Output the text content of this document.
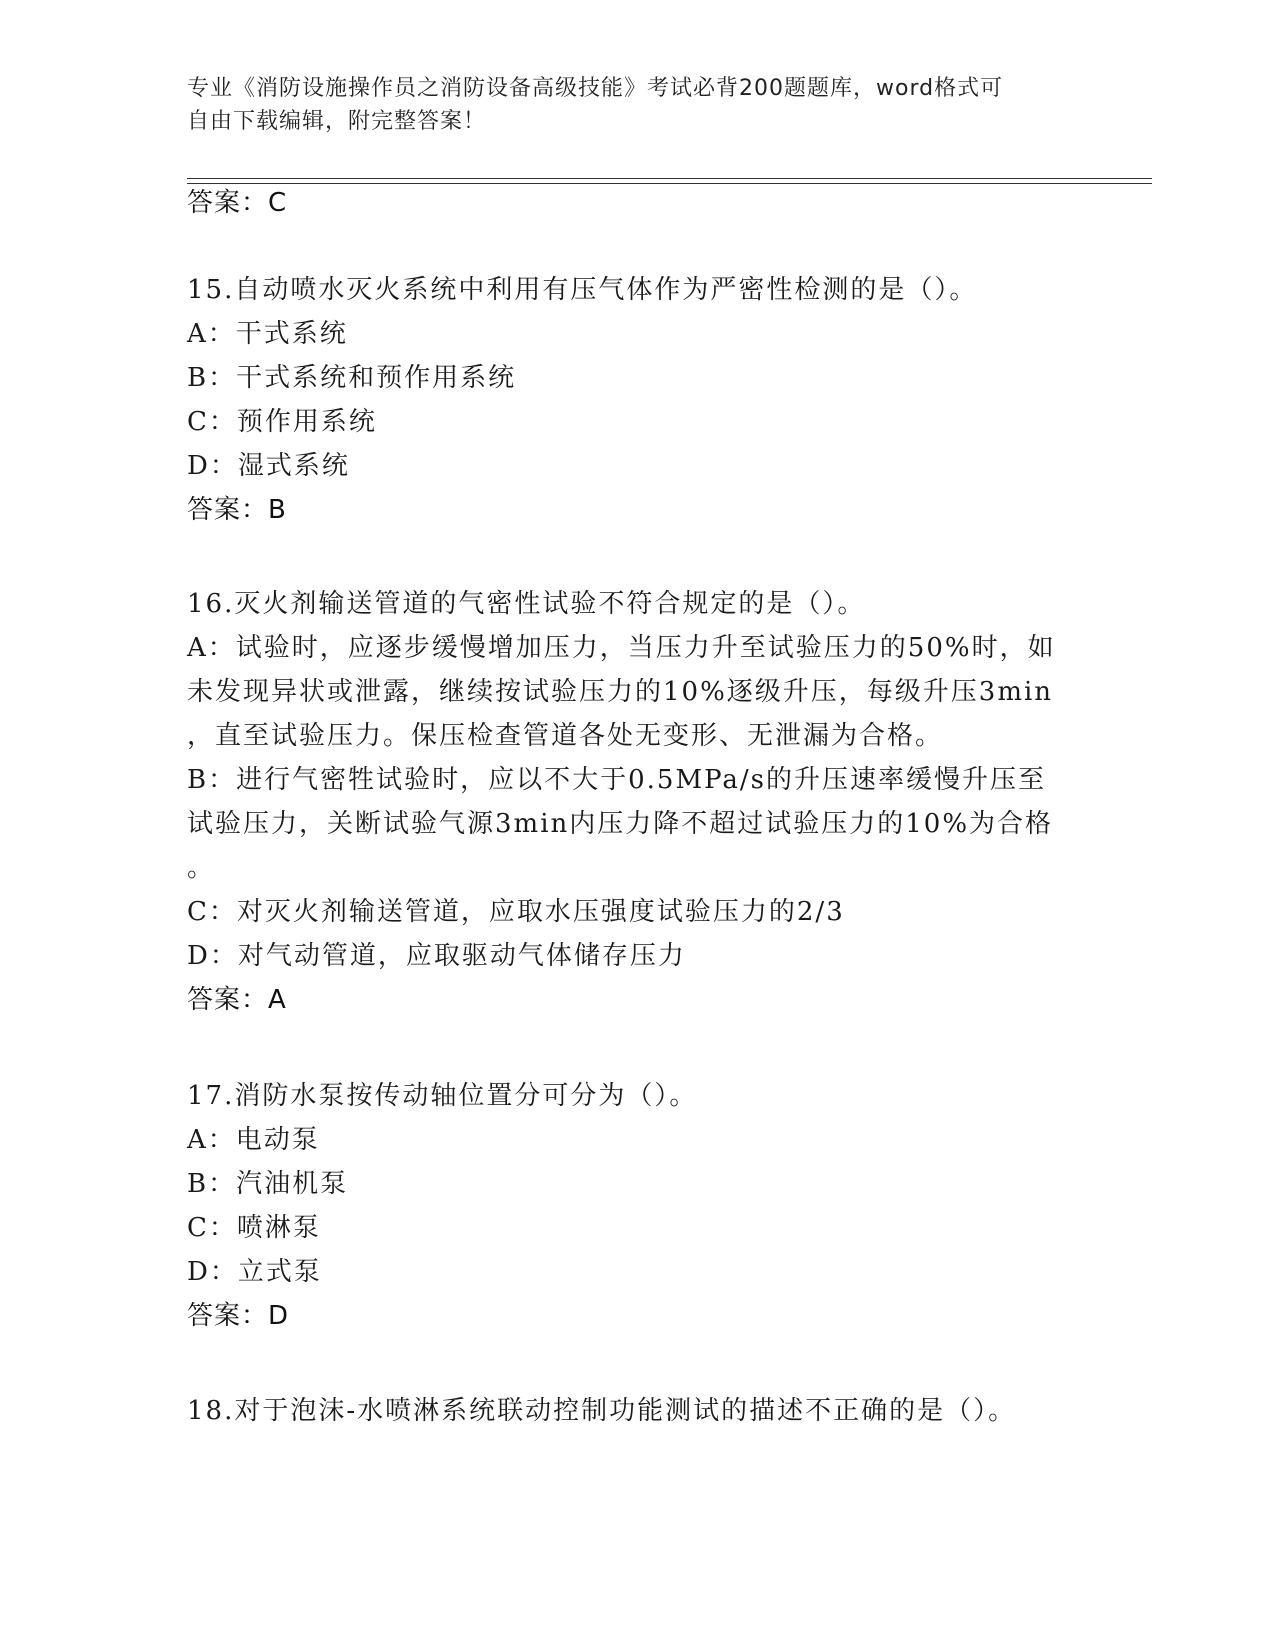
专业《消防设施操作员之消防设备高级技能》考试必背200题题库，word格式可
自由下载编辑，附完整答案！
答案：C
15.自动喷水灭火系统中利用有压气体作为严密性检测的是（）。
A：干式系统
B：干式系统和预作用系统
C：预作用系统
D：湿式系统
答案：B
16.灭火剂输送管道的气密性试验不符合规定的是（）。
A：试验时，应逐步缓慢增加压力，当压力升至试验压力的50%时，如
未发现异状或泄露，继续按试验压力的10%逐级升压，每级升压3min
，直至试验压力。保压检查管道各处无变形、无泄漏为合格。
B：进行气密牲试验时，应以不大于0.5MPa/s的升压速率缓慢升压至
试验压力，关断试验气源3min内压力降不超过试验压力的10%为合格
。
C：对灭火剂输送管道，应取水压强度试验压力的2/3
D：对气动管道，应取驱动气体储存压力
答案：A
17.消防水泵按传动轴位置分可分为（）。
A：电动泵
B：汽油机泵
C：喷淋泵
D：立式泵
答案：D
18.对于泡沫-水喷淋系统联动控制功能测试的描述不正确的是（）。
